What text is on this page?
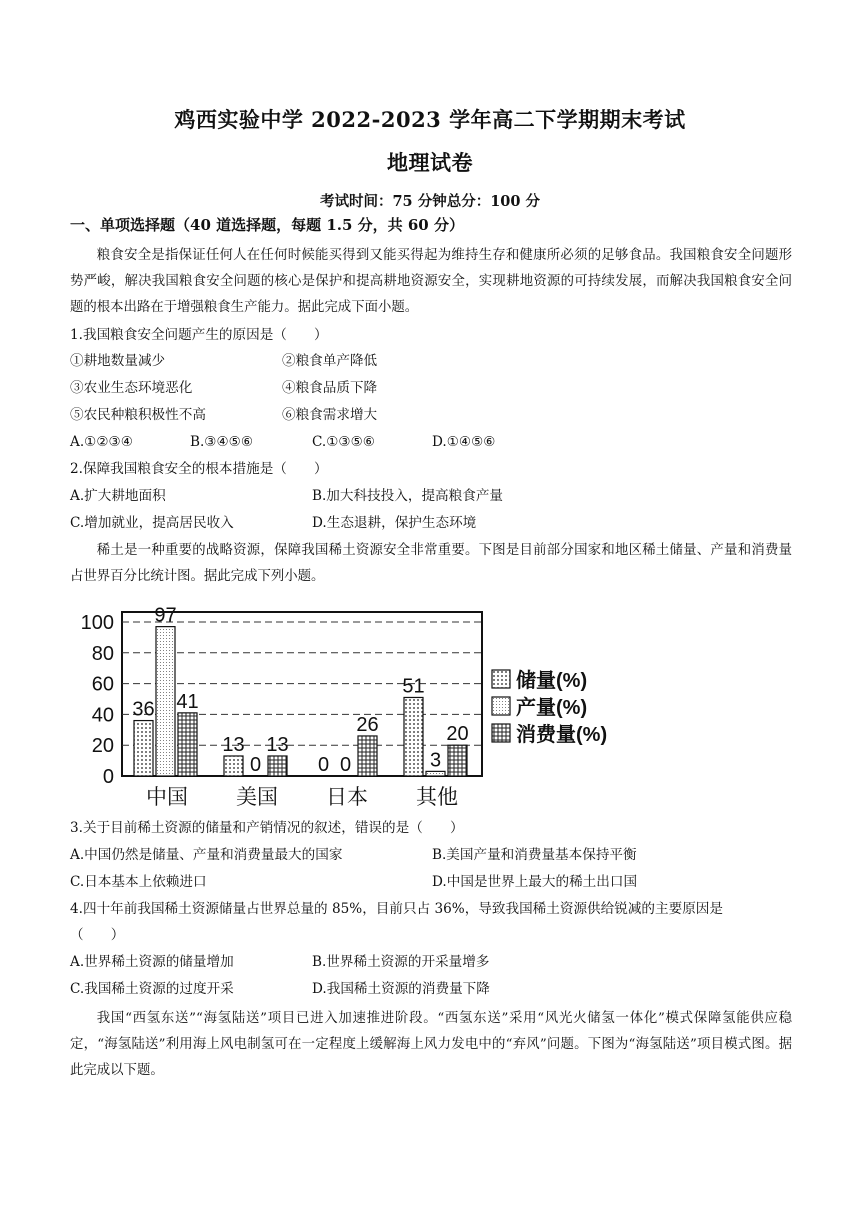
鸡西实验中学 2022-2023 学年高二下学期期末考试
地理试卷
考试时间：75 分钟总分：100 分
一、单项选择题（40 道选择题，每题 1.5 分，共 60 分）
粮食安全是指保证任何人在任何时候能买得到又能买得起为维持生存和健康所必须的足够食品。我国粮食安全问题形势严峻，解决我国粮食安全问题的核心是保护和提高耕地资源安全，实现耕地资源的可持续发展，而解决我国粮食安全问题的根本出路在于增强粮食生产能力。据此完成下面小题。
1.我国粮食安全问题产生的原因是（　　）
①耕地数量减少	②粮食单产降低
③农业生态环境恶化	④粮食品质下降
⑤农民种粮积极性不高	⑥粮食需求增大
A.①②③④	B.③④⑤⑥	C.①③⑤⑥	D.①④⑤⑥
2.保障我国粮食安全的根本措施是（　　）
A.扩大耕地面积	B.加大科技投入，提高粮食产量
C.增加就业，提高居民收入	D.生态退耕，保护生态环境
稀土是一种重要的战略资源，保障我国稀土资源安全非常重要。下图是目前部分国家和地区稀土储量、产量和消费量占世界百分比统计图。据此完成下列小题。
0
20
40
60
80
100
36
97
41
13
0
13
0 0
26
51
3
20
中国 美国 日本 其他
储量(%)
产量(%)
消费量(%)
3.关于目前稀土资源的储量和产销情况的叙述，错误的是（　　）
A.中国仍然是储量、产量和消费量最大的国家	B.美国产量和消费量基本保持平衡
C.日本基本上依赖进口	D.中国是世界上最大的稀土出口国
4.四十年前我国稀土资源储量占世界总量的 85%，目前只占 36%，导致我国稀土资源供给锐减的主要原因是
（　　）
A.世界稀土资源的储量增加	B.世界稀土资源的开采量增多
C.我国稀土资源的过度开采	D.我国稀土资源的消费量下降
我国“西氢东送”“海氢陆送”项目已进入加速推进阶段。“西氢东送”采用“风光火储氢一体化”模式保障氢能供应稳定，“海氢陆送”利用海上风电制氢可在一定程度上缓解海上风力发电中的“弃风”问题。下图为“海氢陆送”项目模式图。据此完成以下题。
